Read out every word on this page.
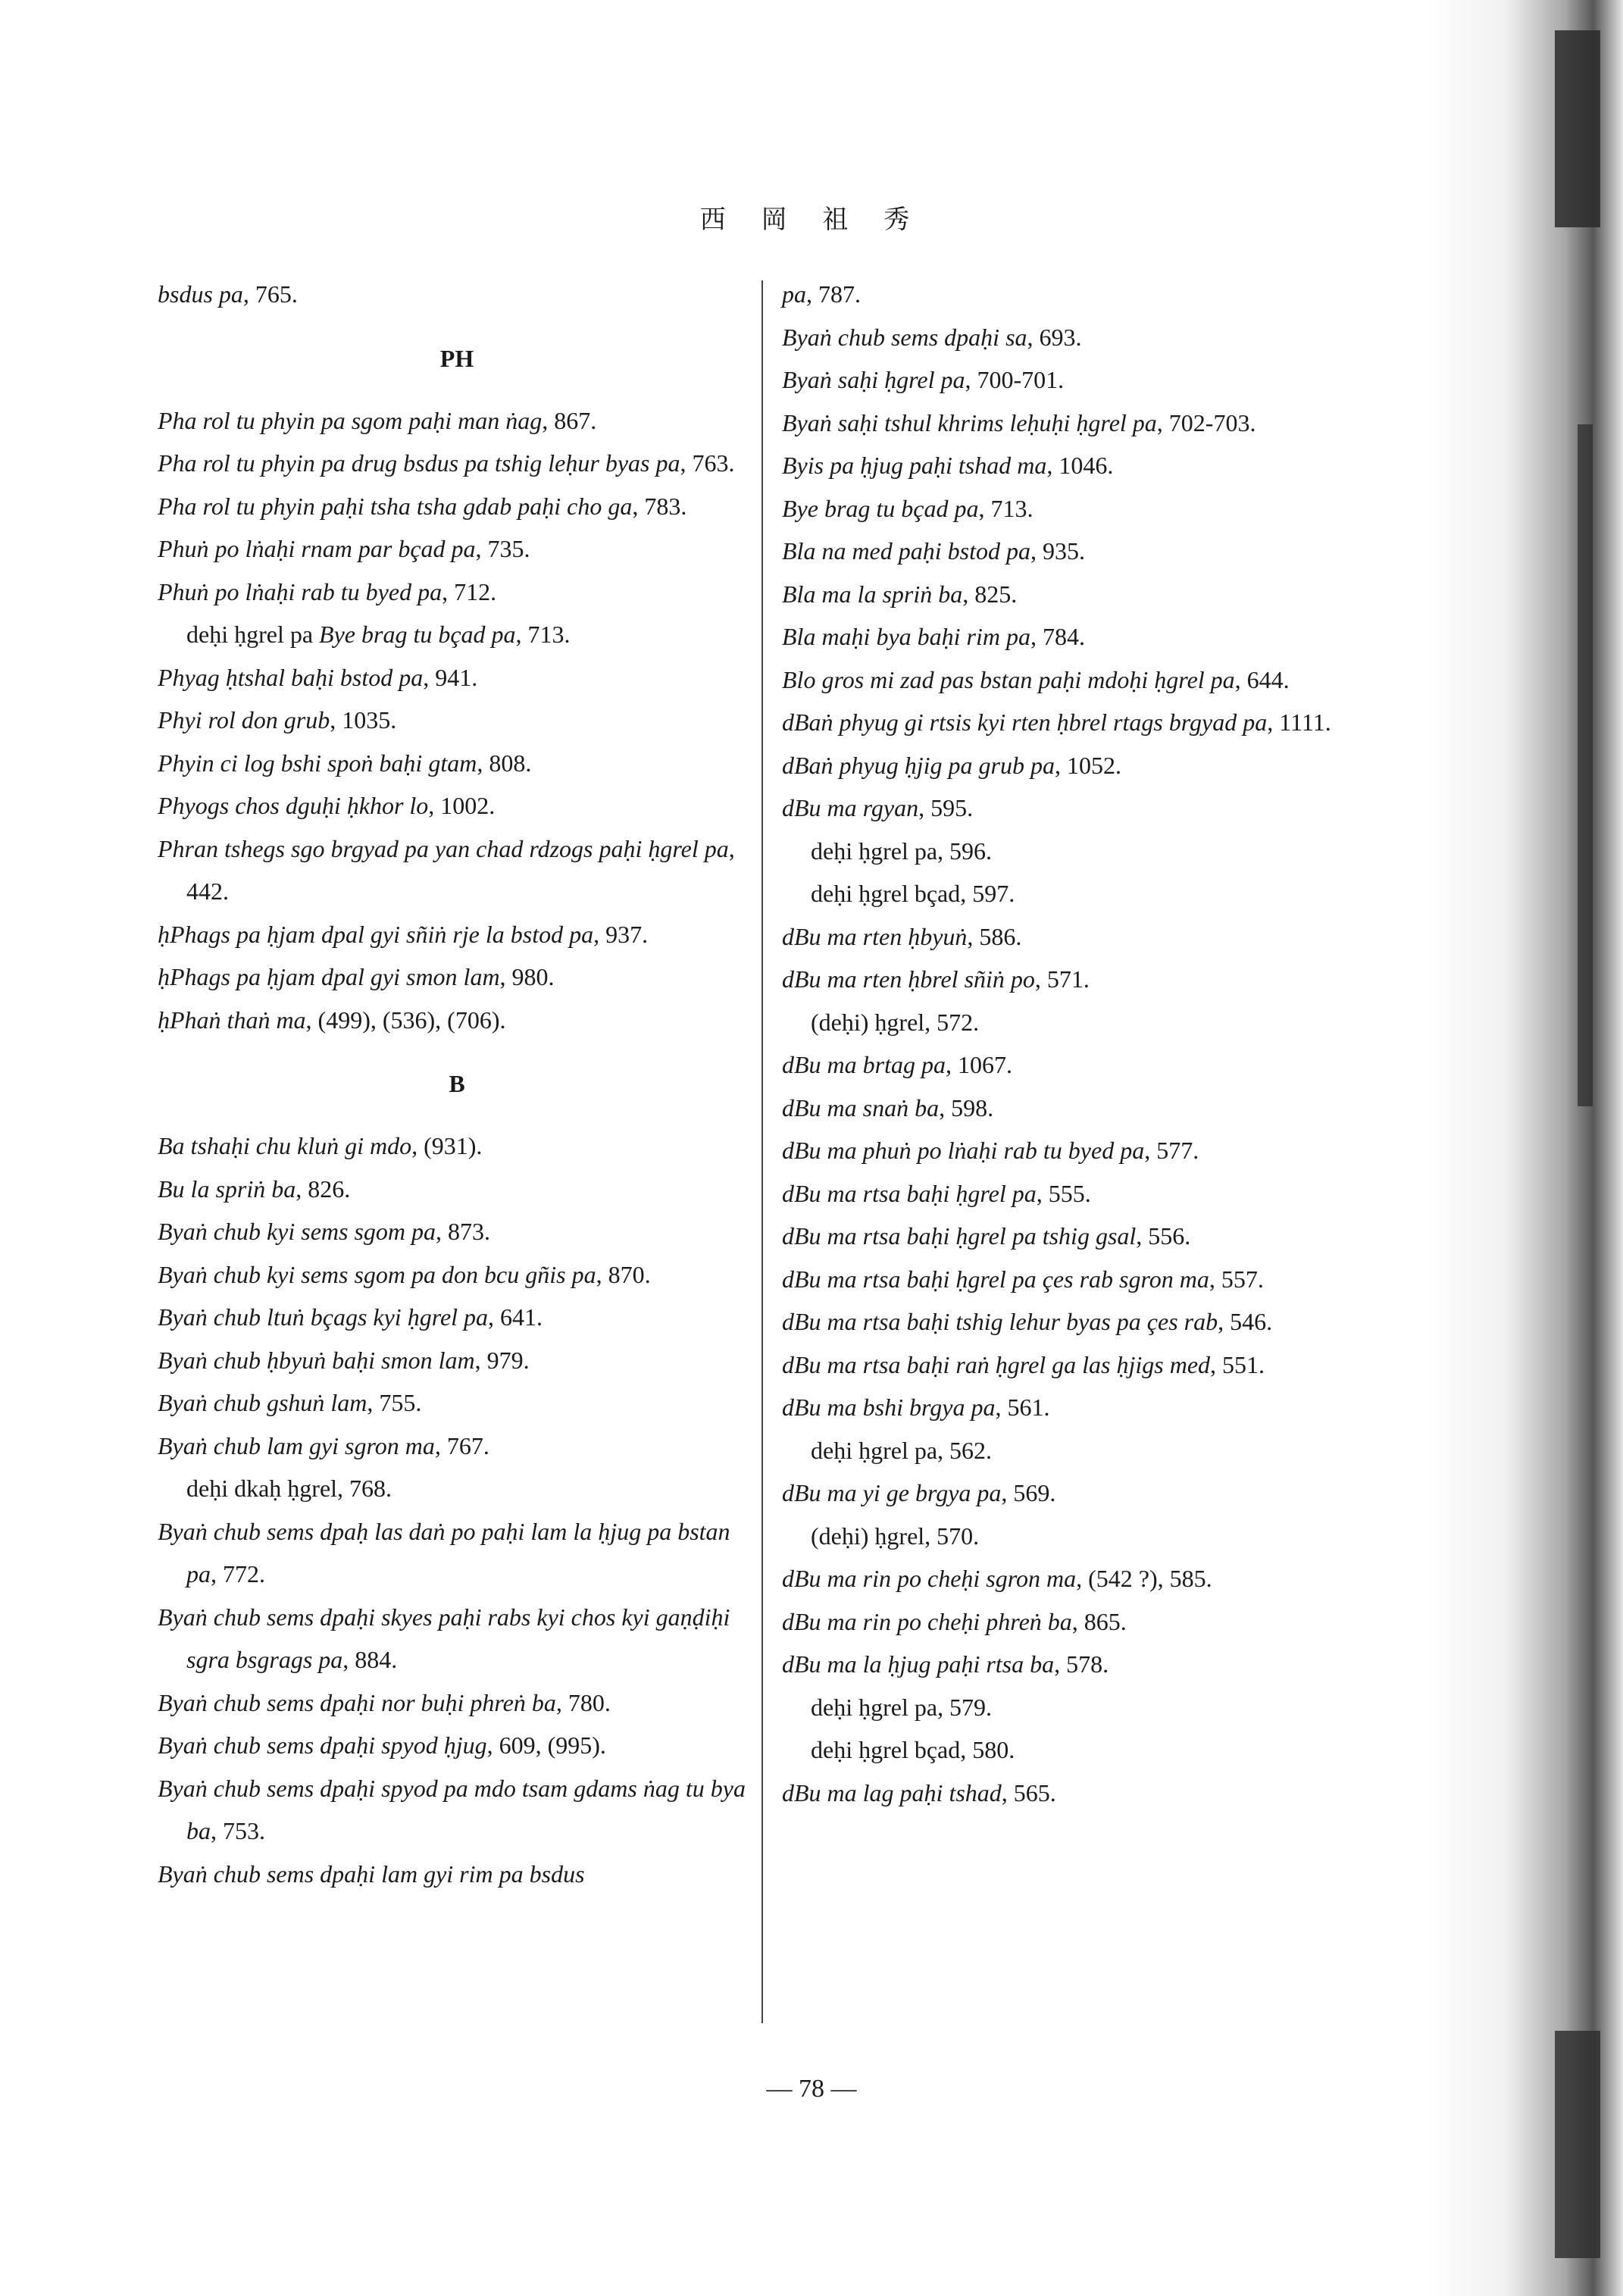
西 岡 祖 秀
bsdus pa, 765.
PH
Pha rol tu phyin pa sgom paḥi man ṅag, 867.
Pha rol tu phyin pa drug bsdus pa tshig leḥur byas pa, 763.
Pha rol tu phyin paḥi tsha tsha gdab paḥi cho ga, 783.
Phuṅ po lṅaḥi rnam par bçad pa, 735.
Phuṅ po lṅaḥi rab tu byed pa, 712.
deḥi ḥgrel pa Bye brag tu bçad pa, 713.
Phyag ḥtshal baḥi bstod pa, 941.
Phyi rol don grub, 1035.
Phyin ci log bshi spoṅ baḥi gtam, 808.
Phyogs chos dguḥi ḥkhor lo, 1002.
Phran tshegs sgo brgyad pa yan chad rdzogs paḥi ḥgrel pa, 442.
ḥPhags pa ḥjam dpal gyi sñiṅ rje la bstod pa, 937.
ḥPhags pa ḥjam dpal gyi smon lam, 980.
ḥPhaṅ thaṅ ma, (499), (536), (706).
B
Ba tshaḥi chu kluṅ gi mdo, (931).
Bu la spriṅ ba, 826.
Byaṅ chub kyi sems sgom pa, 873.
Byaṅ chub kyi sems sgom pa don bcu gñis pa, 870.
Byaṅ chub ltuṅ bçags kyi ḥgrel pa, 641.
Byaṅ chub ḥbyuṅ baḥi smon lam, 979.
Byaṅ chub gshuṅ lam, 755.
Byaṅ chub lam gyi sgron ma, 767.
deḥi dkaḥ ḥgrel, 768.
Byaṅ chub sems dpaḥ las daṅ po paḥi lam la ḥjug pa bstan pa, 772.
Byaṅ chub sems dpaḥi skyes paḥi rabs kyi chos kyi gaṇḍiḥi sgra bsgrags pa, 884.
Byaṅ chub sems dpaḥi nor buḥi phreṅ ba, 780.
Byaṅ chub sems dpaḥi spyod ḥjug, 609, (995).
Byaṅ chub sems dpaḥi spyod pa mdo tsam gdams ṅag tu bya ba, 753.
Byaṅ chub sems dpaḥi lam gyi rim pa bsdus
pa, 787.
Byaṅ chub sems dpaḥi sa, 693.
Byaṅ saḥi ḥgrel pa, 700-701.
Byaṅ saḥi tshul khrims leḥuḥi ḥgrel pa, 702-703.
Byis pa ḥjug paḥi tshad ma, 1046.
Bye brag tu bçad pa, 713.
Bla na med paḥi bstod pa, 935.
Bla ma la spriṅ ba, 825.
Bla maḥi bya baḥi rim pa, 784.
Blo gros mi zad pas bstan paḥi mdoḥi ḥgrel pa, 644.
dBaṅ phyug gi rtsis kyi rten ḥbrel rtags brgyad pa, 1111.
dBaṅ phyug ḥjig pa grub pa, 1052.
dBu ma rgyan, 595.
deḥi ḥgrel pa, 596.
deḥi ḥgrel bçad, 597.
dBu ma rten ḥbyuṅ, 586.
dBu ma rten ḥbrel sñiṅ po, 571.
(deḥi) ḥgrel, 572.
dBu ma brtag pa, 1067.
dBu ma snaṅ ba, 598.
dBu ma phuṅ po lṅaḥi rab tu byed pa, 577.
dBu ma rtsa baḥi ḥgrel pa, 555.
dBu ma rtsa baḥi ḥgrel pa tshig gsal, 556.
dBu ma rtsa baḥi ḥgrel pa çes rab sgron ma, 557.
dBu ma rtsa baḥi tshig lehur byas pa çes rab, 546.
dBu ma rtsa baḥi raṅ ḥgrel ga las ḥjigs med, 551.
dBu ma bshi brgya pa, 561.
deḥi ḥgrel pa, 562.
dBu ma yi ge brgya pa, 569.
(deḥi) ḥgrel, 570.
dBu ma rin po cheḥi sgron ma, (542 ?), 585.
dBu ma rin po cheḥi phreṅ ba, 865.
dBu ma la ḥjug paḥi rtsa ba, 578.
deḥi ḥgrel pa, 579.
deḥi ḥgrel bçad, 580.
dBu ma lag paḥi tshad, 565.
— 78 —
